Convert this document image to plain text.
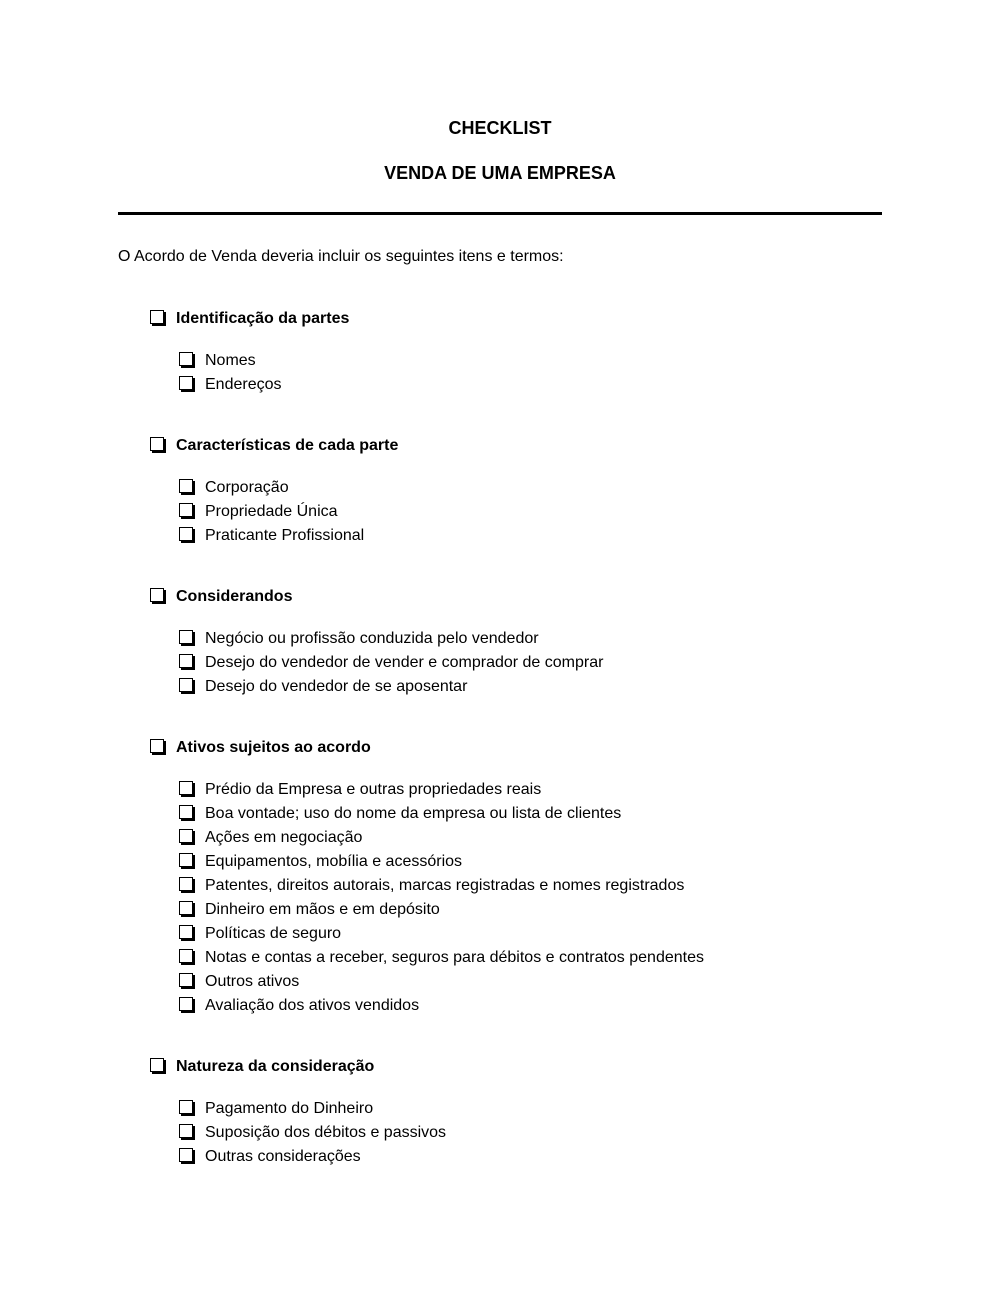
CHECKLIST
VENDA DE UMA EMPRESA
O Acordo de Venda deveria incluir os seguintes itens e termos:
Identificação da partes
Nomes
Endereços
Características de cada parte
Corporação
Propriedade Única
Praticante Profissional
Considerandos
Negócio ou profissão conduzida pelo vendedor
Desejo do vendedor de vender e comprador de comprar
Desejo do vendedor de se aposentar
Ativos sujeitos ao acordo
Prédio da Empresa e outras propriedades reais
Boa vontade; uso do nome da empresa ou lista de clientes
Ações em negociação
Equipamentos, mobília e acessórios
Patentes, direitos autorais, marcas registradas e nomes registrados
Dinheiro em mãos e em depósito
Políticas de seguro
Notas e contas a receber, seguros para débitos e contratos pendentes
Outros ativos
Avaliação dos ativos vendidos
Natureza da consideração
Pagamento do Dinheiro
Suposição dos débitos e passivos
Outras considerações
